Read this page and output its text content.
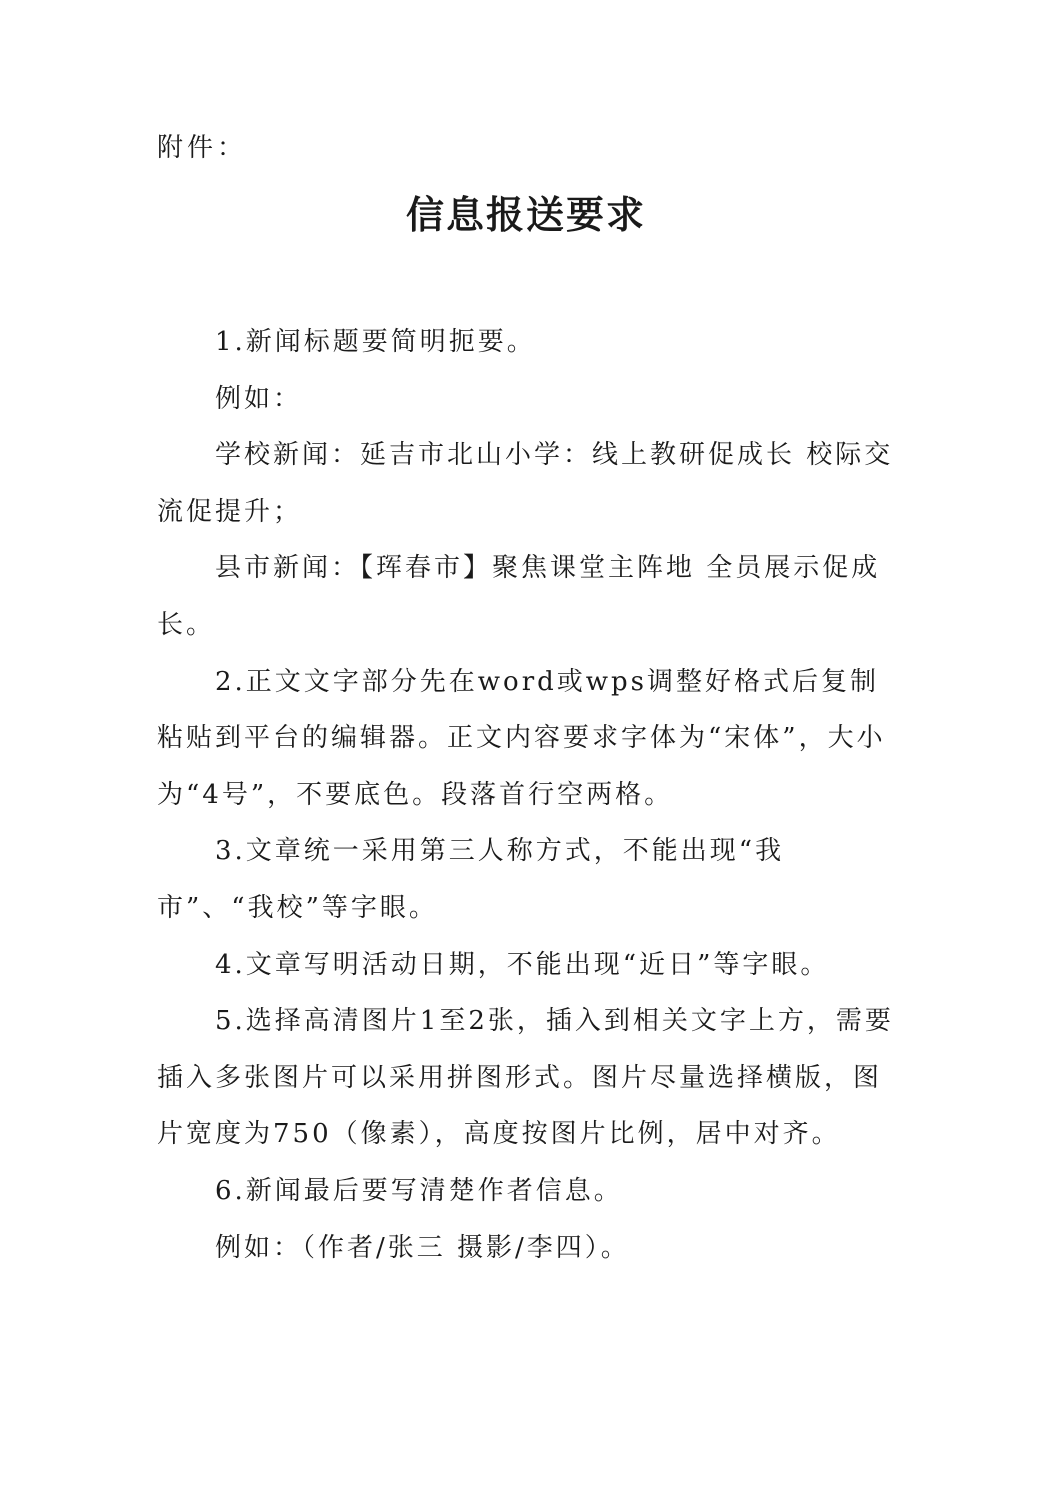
附件：
信息报送要求

1.新闻标题要简明扼要。

例如：

学校新闻：延吉市北山小学：线上教研促成长 校际交流促提升；

县市新闻：【珲春市】聚焦课堂主阵地 全员展示促成长。

2.正文文字部分先在word或wps调整好格式后复制粘贴到平台的编辑器。正文内容要求字体为“宋体”，大小为“4号”，不要底色。段落首行空两格。

3.文章统一采用第三人称方式，不能出现“我市”、“我校”等字眼。

4.文章写明活动日期，不能出现“近日”等字眼。

5.选择高清图片1至2张，插入到相关文字上方，需要插入多张图片可以采用拼图形式。图片尽量选择横版，图片宽度为750（像素），高度按图片比例，居中对齐。

6.新闻最后要写清楚作者信息。

例如：（作者/张三 摄影/李四）。
